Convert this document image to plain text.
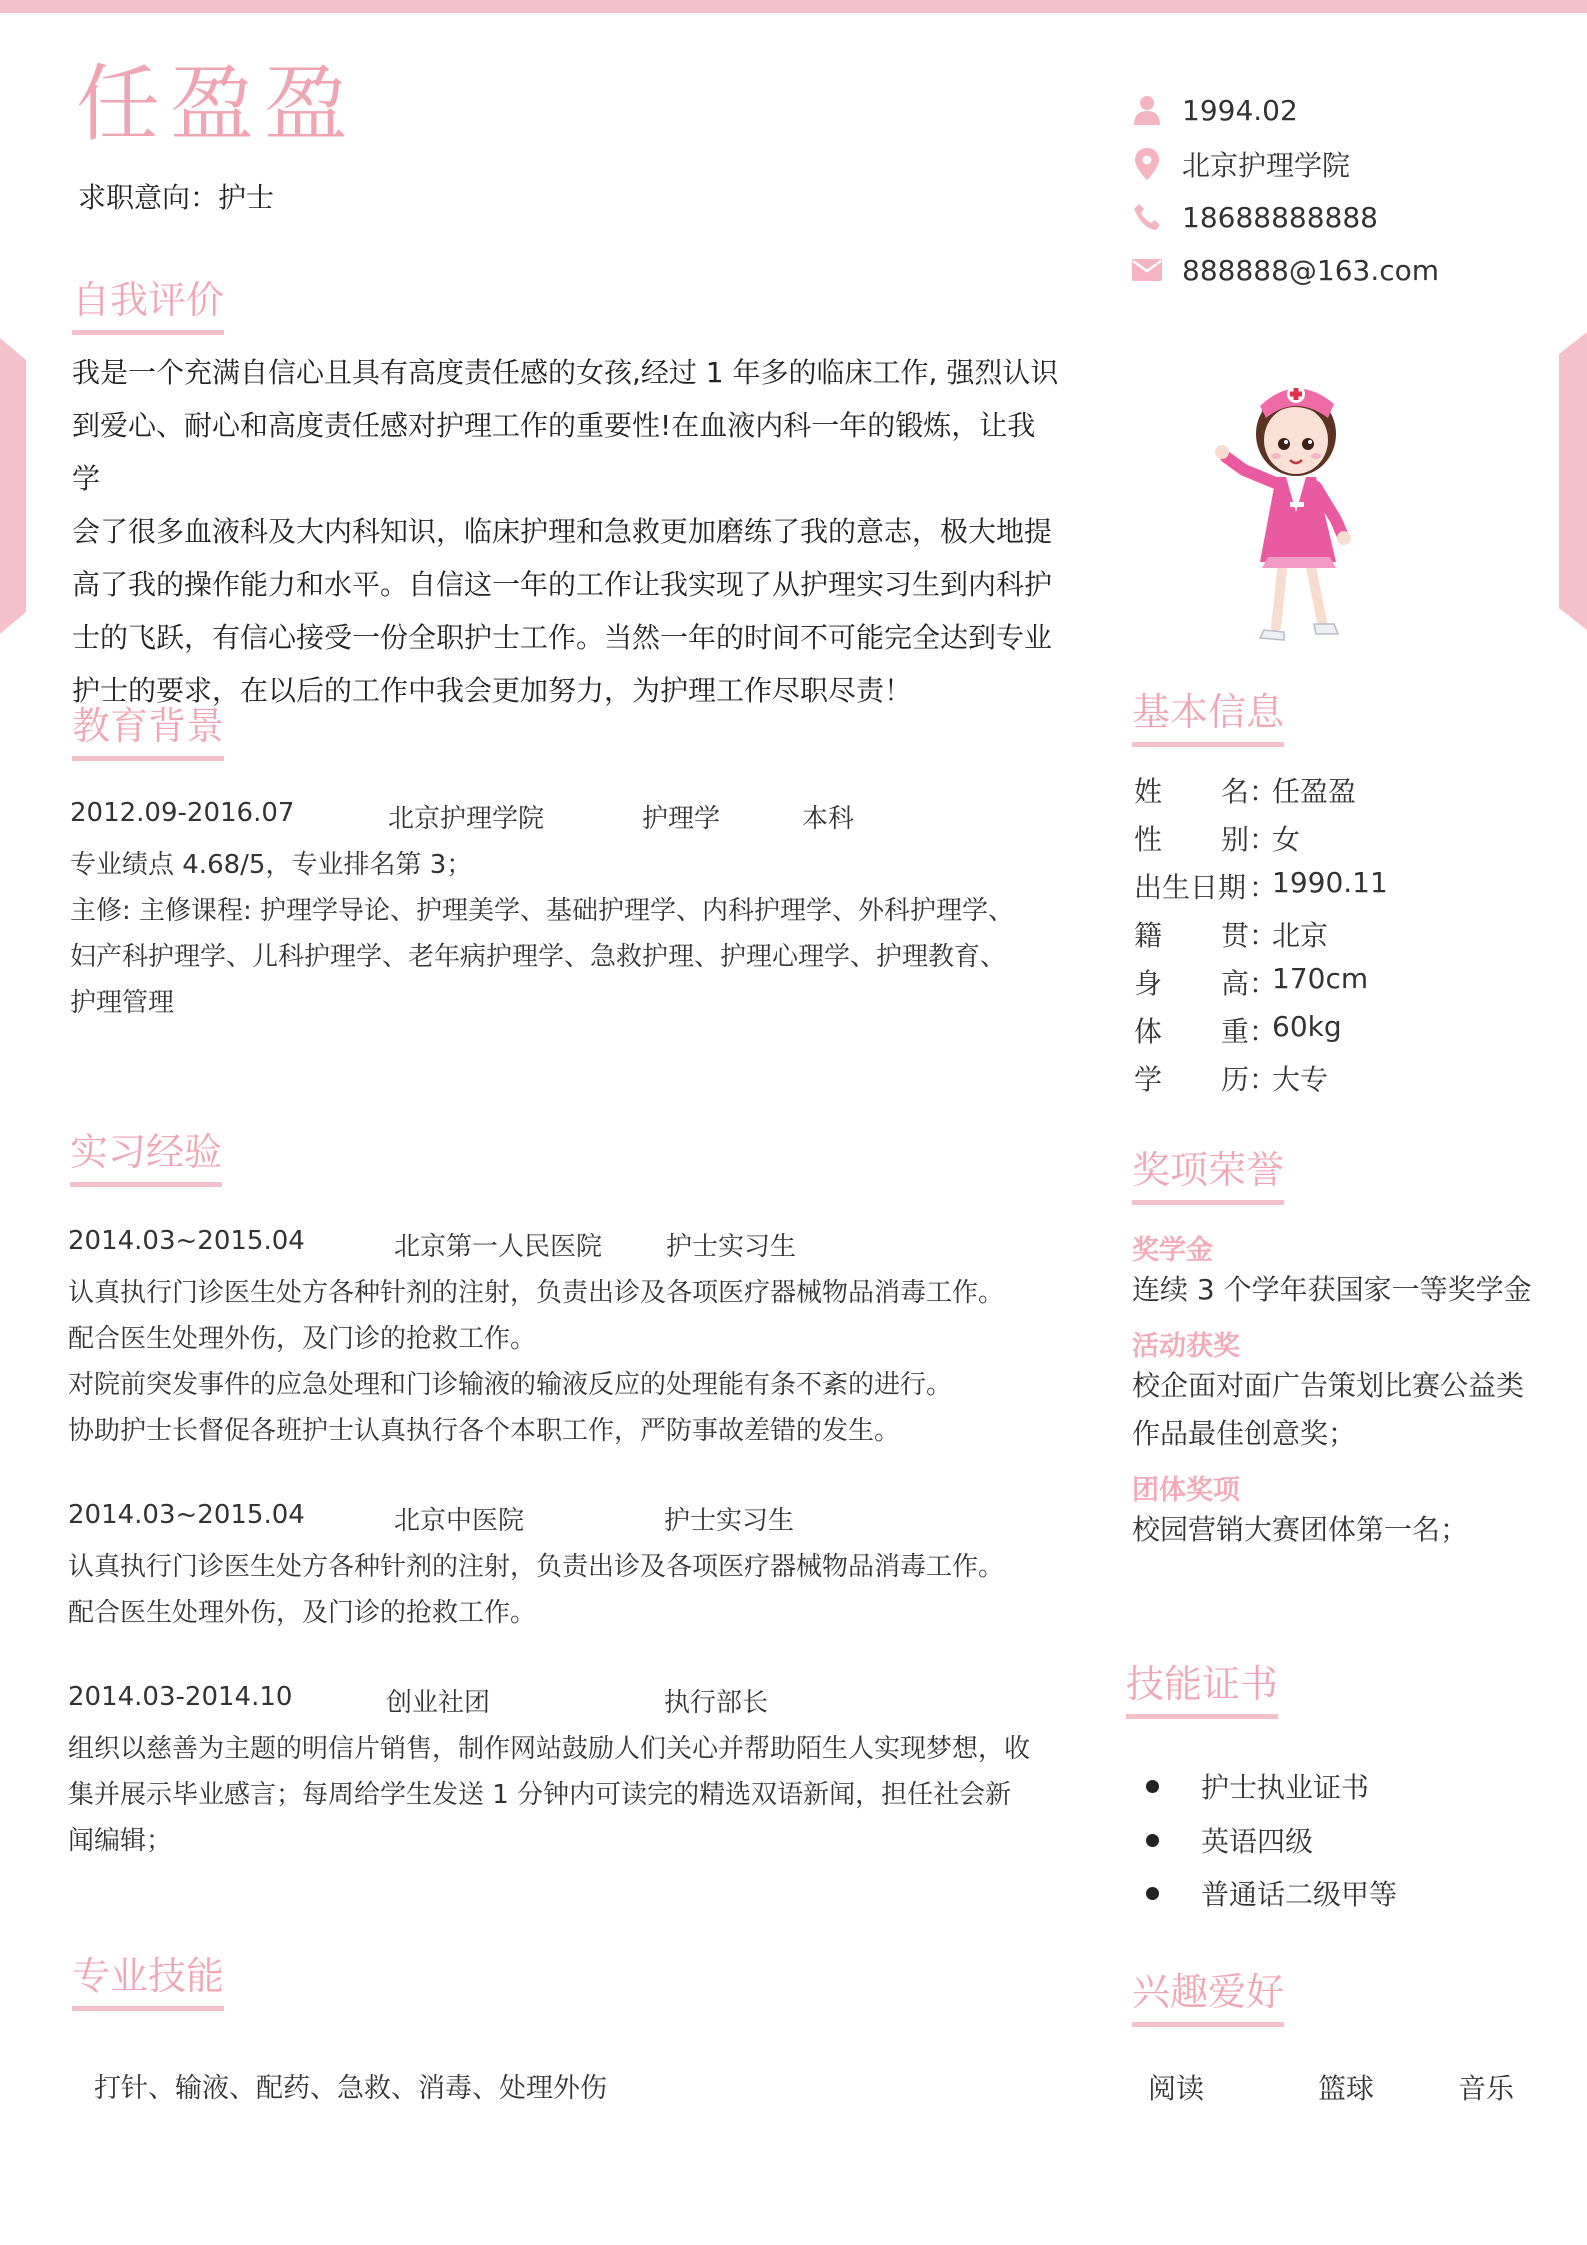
任盈盈
求职意向：护士
1994.02
北京护理学院
18688888888
888888@163.com
自我评价
我是一个充满自信心且具有高度责任感的女孩,经过 1 年多的临床工作, 强烈认识
到爱心、耐心和高度责任感对护理工作的重要性!在血液内科一年的锻炼，让我学
会了很多血液科及大内科知识，临床护理和急救更加磨练了我的意志，极大地提
高了我的操作能力和水平。自信这一年的工作让我实现了从护理实习生到内科护
士的飞跃，有信心接受一份全职护士工作。当然一年的时间不可能完全达到专业
护士的要求，在以后的工作中我会更加努力，为护理工作尽职尽责！
教育背景
2012.09-2016.07	北京护理学院	护理学	本科
专业绩点 4.68/5，专业排名第 3；
主修: 主修课程: 护理学导论、护理美学、基础护理学、内科护理学、外科护理学、
妇产科护理学、儿科护理学、老年病护理学、急救护理、护理心理学、护理教育、
护理管理
实习经验
2014.03~2015.04	北京第一人民医院 护士实习生
认真执行门诊医生处方各种针剂的注射，负责出诊及各项医疗器械物品消毒工作。
配合医生处理外伤，及门诊的抢救工作。
对院前突发事件的应急处理和门诊输液的输液反应的处理能有条不紊的进行。
协助护士长督促各班护士认真执行各个本职工作，严防事故差错的发生。
2014.03~2015.04	北京中医院	护士实习生
认真执行门诊医生处方各种针剂的注射，负责出诊及各项医疗器械物品消毒工作。
配合医生处理外伤，及门诊的抢救工作。
2014.03-2014.10	创业社团	执行部长
组织以慈善为主题的明信片销售，制作网站鼓励人们关心并帮助陌生人实现梦想，收
集并展示毕业感言；每周给学生发送 1 分钟内可读完的精选双语新闻，担任社会新
闻编辑；
专业技能
打针、输液、配药、急救、消毒、处理外伤
基本信息
姓 名 ：
任盈盈
性 别 ：
女
出生日期 ：
1990.11
籍 贯 ：
北京
身 高 ：
170cm
体 重 ：
60kg
学 历 ：
大专
奖项荣誉
奖学金
连续 3 个学年获国家一等奖学金
活动获奖
校企面对面广告策划比赛公益类作品最佳创意奖；
团体奖项
校园营销大赛团体第一名；
技能证书
护士执业证书
英语四级
普通话二级甲等
兴趣爱好
阅读	篮球	音乐
